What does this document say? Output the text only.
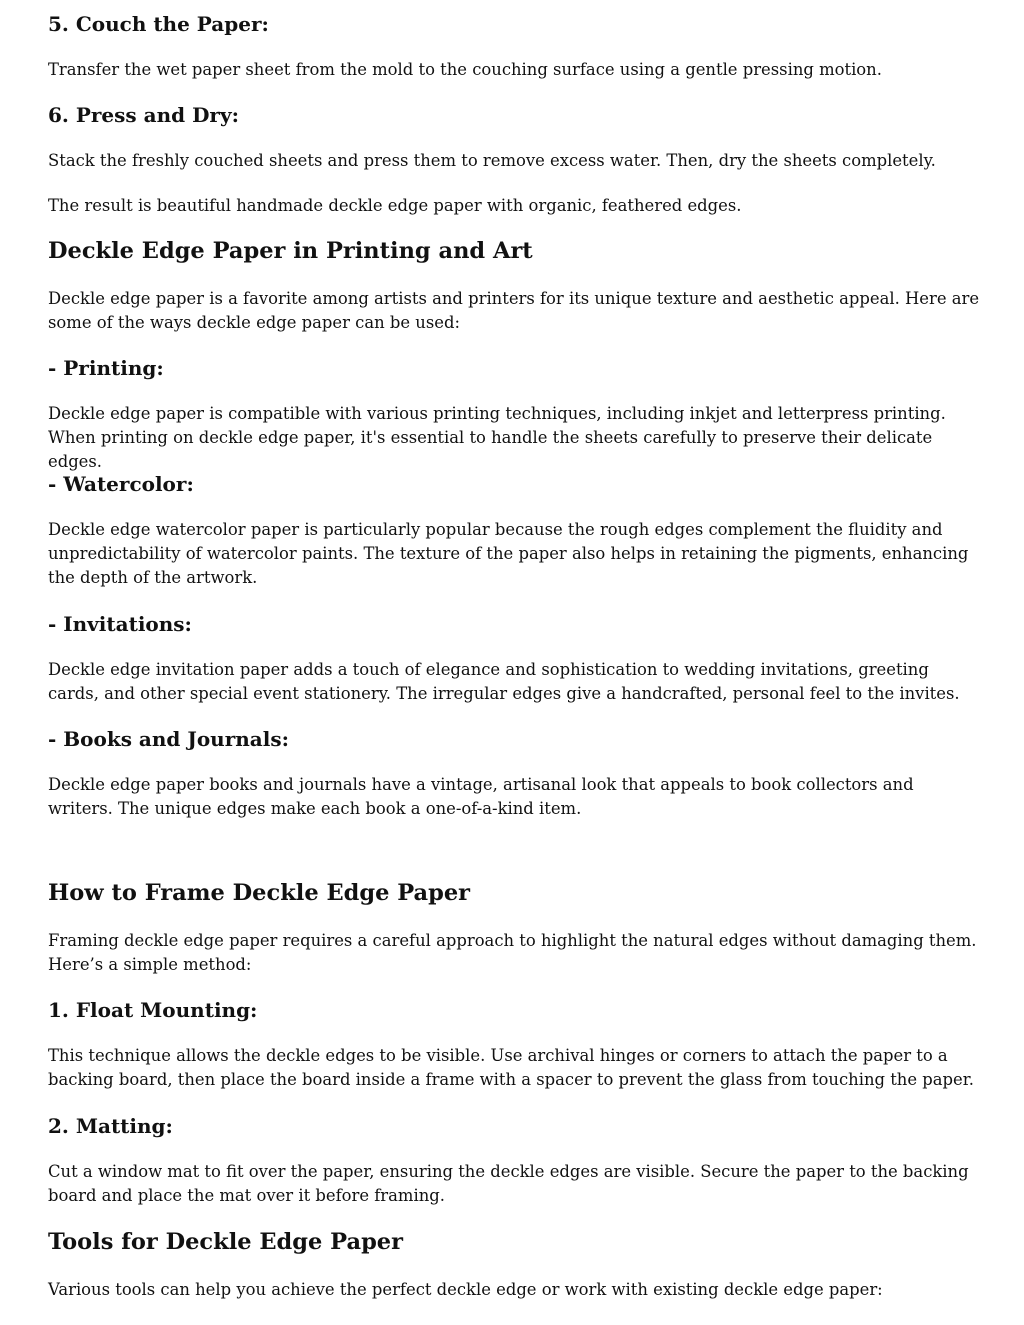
5. Couch the Paper:

Transfer the wet paper sheet from the mold to the couching surface using a gentle pressing motion.

6. Press and Dry:

Stack the freshly couched sheets and press them to remove excess water. Then, dry the sheets completely.

The result is beautiful handmade deckle edge paper with organic, feathered edges.

Deckle Edge Paper in Printing and Art

Deckle edge paper is a favorite among artists and printers for its unique texture and aesthetic appeal. Here are some of the ways deckle edge paper can be used:

- Printing:

Deckle edge paper is compatible with various printing techniques, including inkjet and letterpress printing. When printing on deckle edge paper, it's essential to handle the sheets carefully to preserve their delicate edges.

- Watercolor:

Deckle edge watercolor paper is particularly popular because the rough edges complement the fluidity and unpredictability of watercolor paints. The texture of the paper also helps in retaining the pigments, enhancing the depth of the artwork.

- Invitations:

Deckle edge invitation paper adds a touch of elegance and sophistication to wedding invitations, greeting cards, and other special event stationery. The irregular edges give a handcrafted, personal feel to the invites.

- Books and Journals:

Deckle edge paper books and journals have a vintage, artisanal look that appeals to book collectors and writers. The unique edges make each book a one-of-a-kind item.

How to Frame Deckle Edge Paper

Framing deckle edge paper requires a careful approach to highlight the natural edges without damaging them. Here’s a simple method:

1. Float Mounting:

This technique allows the deckle edges to be visible. Use archival hinges or corners to attach the paper to a backing board, then place the board inside a frame with a spacer to prevent the glass from touching the paper.

2. Matting:

Cut a window mat to fit over the paper, ensuring the deckle edges are visible. Secure the paper to the backing board and place the mat over it before framing.

Tools for Deckle Edge Paper

Various tools can help you achieve the perfect deckle edge or work with existing deckle edge paper:
